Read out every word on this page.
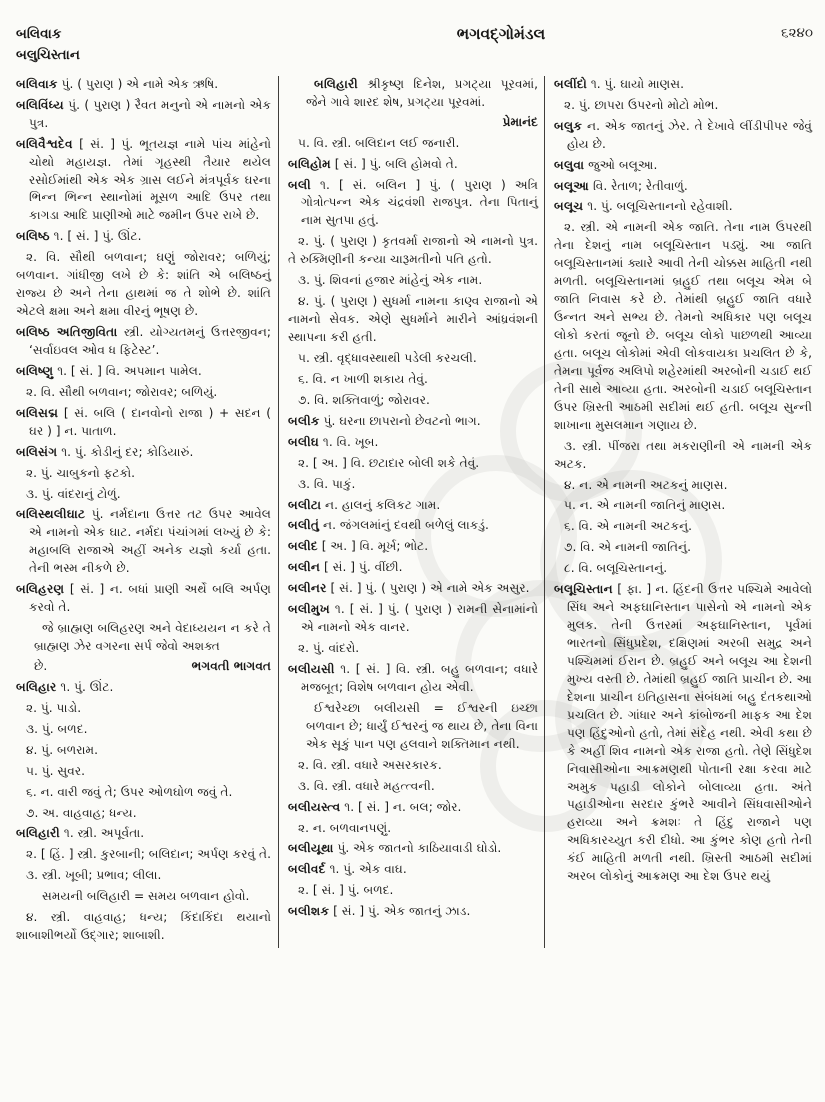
બલિવાક
બલુચિસ્તાન
ભગવદ્ગોમંડલ	૬૨૪૦

બલિવાક પું. ( પુરાણ ) એ નામે એક ઋષિ.

બલિવિંધ્ય પું. ( પુરાણ ) રૈવત મનુનો એ નામનો એક પુત્ર.

બલિવૈશ્વદેવ [ સં. ] પું. ભૂતયજ્ઞ નામે પાંચ માંહેનો ચોથો મહાયજ્ઞ. તેમાં ગૃહસ્થી તૈયાર થયેલ રસોઈમાંથી એક એક ગ્રાસ લઈને મંત્રપૂર્વક ઘરના ભિન્ન ભિન્ન સ્થાનોમાં મૂસળ આદિ ઉપર તથા કાગડા આદિ પ્રાણીઓ માટે જમીન ઉપર રાખે છે.

બલિષ્ઠ ૧. [ સં. ] પું. ઊંટ.

૨. વિ. સૌથી બળવાન; ઘણું જોરાવર; બળિયું; બળવાન. ગાંધીજી લખે છે કે: શાંતિ એ બલિષ્ઠનું રાજ્ય છે અને તેના હાથમાં જ તે શોભે છે. શાંતિ એટલે ક્ષમા અને ક્ષમા વીરનું ભૂષણ છે.

બલિષ્ઠ અતિજીવિતા સ્ત્રી. યોગ્યતમનું ઉત્તરજીવન; ‘સર્વાઇવલ ઓવ ધ ફિટેસ્ટ’.

બલિષ્ણુ ૧. [ સં. ] વિ. અપમાન પામેલ.

૨. વિ. સૌથી બળવાન; જોરાવર; બળિયું.

બલિસદ્મ [ સં. બલિ ( દાનવોનો રાજા ) + સદન ( ઘર ) ] ન. પાતાળ.

બલિસંગ ૧. પું. કોડીનું દર; કોડિયારું.

૨. પું. ચાબુકનો ફટકો.

૩. પું. વાંદરાનું ટોળું.

બલિસ્થલીઘાટ પું. નર્મદાના ઉત્તર તટ ઉપર આવેલ એ નામનો એક ઘાટ. નર્મદા પંચાંગમાં લખ્યું છે કે: મહાબલિ રાજાએ અહીં અનેક યજ્ઞો કર્યા હતા. તેની ભસ્મ નીકળે છે.

બલિહરણ [ સં. ] ન. બધાં પ્રાણી અર્થે બલિ અર્પણ કરવો તે.

જે બ્રાહ્મણ બલિહરણ અને વેદાધ્યયન ન કરે તે બ્રાહ્મણ ઝેર વગરના સર્પ જેવો અશક્ત

છે.	ભગવતી ભાગવત

બલિહાર ૧. પું. ઊંટ.

૨. પું. પાડો.

૩. પું. બળદ.

૪. પું. બળરામ.

૫. પું. સુવર.

૬. ન. વારી જવું તે; ઉપર ઓળઘોળ જવું તે.

૭. અ. વાહવાહ; ધન્ય.

બલિહારી ૧. સ્ત્રી. અપૂર્વતા.

૨. [ હિં. ] સ્ત્રી. કુરબાની; બલિદાન; અર્પણ કરવું તે.

૩. સ્ત્રી. ખૂબી; પ્રભાવ; લીલા.

સમયની બલિહારી = સમય બળવાન હોવો.

૪. સ્ત્રી. વાહવાહ; ધન્ય; કિંદાકિંદા થયાનો શાબાશીભર્યો ઉદ્ગાર; શાબાશી.

બલિહારી શ્રીકૃષ્ણ દિનેશ, પ્રગટ્યા પૂરવમાં, જેને ગાવે શારદ શેષ, પ્રગટ્યા પૂરવમાં.

પ્રેમાનંદ

૫. વિ. સ્ત્રી. બલિદાન લઈ જનારી.

બલિહોમ [ સં. ] પું. બલિ હોમવો તે.

બલી ૧. [ સં. બલિન ] પું. ( પુરાણ ) અત્રિ ગોત્રોત્પન્ન એક ચંદ્રવંશી રાજપુત્ર. તેના પિતાનું નામ સુતપા હતું.

૨. પું. ( પુરાણ ) કૃતવર્મા રાજાનો એ નામનો પુત્ર. તે રુક્મિણીની કન્યા ચારૂમતીનો પતિ હતો.

૩. પું. શિવનાં હજાર માંહેનું એક નામ.

૪. પું. ( પુરાણ ) સુધર્મા નામના કાણ્વ રાજાનો એ નામનો સેવક. એણે સુધર્માને મારીને આંધ્રવંશની સ્થાપના કરી હતી.

૫. સ્ત્રી. વૃદ્ધાવસ્થાથી પડેલી કરચલી.

૬. વિ. ન ખાળી શકાય તેવું.

૭. વિ. શક્તિવાળું; જોરાવર.

બલીક પું. ઘરના છાપરાનો છેવટનો ભાગ.

બલીઘ ૧. વિ. ખૂબ.

૨. [ અ. ] વિ. છટાદાર બોલી શકે તેવું.

૩. વિ. પાકું.

બલીટા ન. હાલનું કલિકટ ગામ.

બલીતું ન. જંગલમાંનું દવથી બળેલું લાકડું.

બલીદ [ અ. ] વિ. મૂર્ખ; ભોટ.

બલીન [ સં. ] પું. વીંછી.

બલીનર [ સં. ] પું. ( પુરાણ ) એ નામે એક અસુર.

બલીમુખ ૧. [ સં. ] પું. ( પુરાણ ) રામની સેનામાંનો એ નામનો એક વાનર.

૨. પું. વાંદરો.

બલીયસી ૧. [ સં. ] વિ. સ્ત્રી. બહુ બળવાન; વધારે મજબૂત; વિશેષ બળવાન હોય એવી.

ઈશ્વરેચ્છા બલીયસી = ઈશ્વરની ઇચ્છા બળવાન છે; ધાર્યું ઈશ્વરનું જ થાય છે, તેના વિના એક સૂકું પાન પણ હલવાને શક્તિમાન નથી.

૨. વિ. સ્ત્રી. વધારે અસરકારક.

૩. વિ. સ્ત્રી. વધારે મહત્ત્વની.

બલીયસ્ત્વ ૧. [ સં. ] ન. બલ; જોર.

૨. ન. બળવાનપણું.

બલીયૂથા પું. એક જાતનો કાઠિયાવાડી ઘોડો.

બલીવર્દ ૧. પું. એક વાઘ.

૨. [ સં. ] પું. બળદ.

બલીશક [ સં. ] પું. એક જાતનું ઝાડ.

બલીંદો ૧. પું. ઘાયો માણસ.

૨. પું. છાપરા ઉપરનો મોટો મોભ.

બલુક ન. એક જાતનું ઝેર. તે દેખાવે લીંડીપીપર જેવું હોય છે.

બલુવા જુઓ બલૂઆ.

બલૂઆ વિ. રેતાળ; રેતીવાળું.

બલૂચ ૧. પું. બલૂચિસ્તાનનો રહેવાશી.

૨. સ્ત્રી. એ નામની એક જાતિ. તેના નામ ઉપરથી તેના દેશનું નામ બલૂચિસ્તાન પડ્યું. આ જાતિ બલૂચિસ્તાનમાં ક્યારે આવી તેની ચોક્કસ માહિતી નથી મળતી. બલૂચિસ્તાનમાં બ્રહુઈ તથા બલૂચ એમ બે જાતિ નિવાસ કરે છે. તેમાંથી બ્રહુઈ જાતિ વધારે ઉન્નત અને સભ્ય છે. તેમનો અધિકાર પણ બલૂચ લોકો કરતાં જૂનો છે. બલૂચ લોકો પાછળથી આવ્યા હતા. બલૂચ લોકોમાં એવી લોકવાયકા પ્રચલિત છે કે, તેમના પૂર્વજ અલિપો શહેરમાંથી અરબોની ચડાઈ થઈ તેની સાથે આવ્યા હતા. અરબોની ચડાઈ બલૂચિસ્તાન ઉપર ખ્રિસ્તી આઠમી સદીમાં થઈ હતી. બલૂચ સુન્ની શાખાના મુસલમાન ગણાય છે.

૩. સ્ત્રી. પીંજરા તથા મકરાણીની એ નામની એક અટક.

૪. ન. એ નામની અટકનું માણસ.

૫. ન. એ નામની જાતિનું માણસ.

૬. વિ. એ નામની અટકનું.

૭. વિ. એ નામની જાતિનું.

૮. વિ. બલૂચિસ્તાનનું.

બલૂચિસ્તાન [ ફા. ] ન. હિંદની ઉત્તર પશ્ચિમે આવેલો સિંધ અને અફઘાનિસ્તાન પાસેનો એ નામનો એક મુલક. તેની ઉત્તરમાં અફઘાનિસ્તાન, પૂર્વમાં ભારતનો સિંધુપ્રદેશ, દક્ષિણમાં અરબી સમુદ્ર અને પશ્ચિમમાં ઈરાન છે. બ્રહુઈ અને બલૂચ આ દેશની મુખ્ય વસ્તી છે. તેમાંથી બ્રહુઈ જાતિ પ્રાચીન છે. આ દેશના પ્રાચીન ઇતિહાસના સંબંધમાં બહુ દંતકથાઓ પ્રચલિત છે. ગાંધાર અને કાંબોજની માફક આ દેશ પણ હિંદુઓનો હતો, તેમાં સંદેહ નથી. એવી કથા છે કે અહીં શિવ નામનો એક રાજા હતો. તેણે સિંધુદેશ નિવાસીઓના આક્રમણથી પોતાની રક્ષા કરવા માટે અમુક પહાડી લોકોને બોલાવ્યા હતા. અંતે પહાડીઓના સરદાર કુંભરે આવીને સિંધવાસીઓને હરાવ્યા અને ક્રમશઃ તે હિંદુ રાજાને પણ અધિકારચ્યુત કરી દીધો. આ કુંભર કોણ હતો તેની કંઈ માહિતી મળતી નથી. ખ્રિસ્તી આઠમી સદીમાં અરબ લોકોનું આક્રમણ આ દેશ ઉપર થયું
